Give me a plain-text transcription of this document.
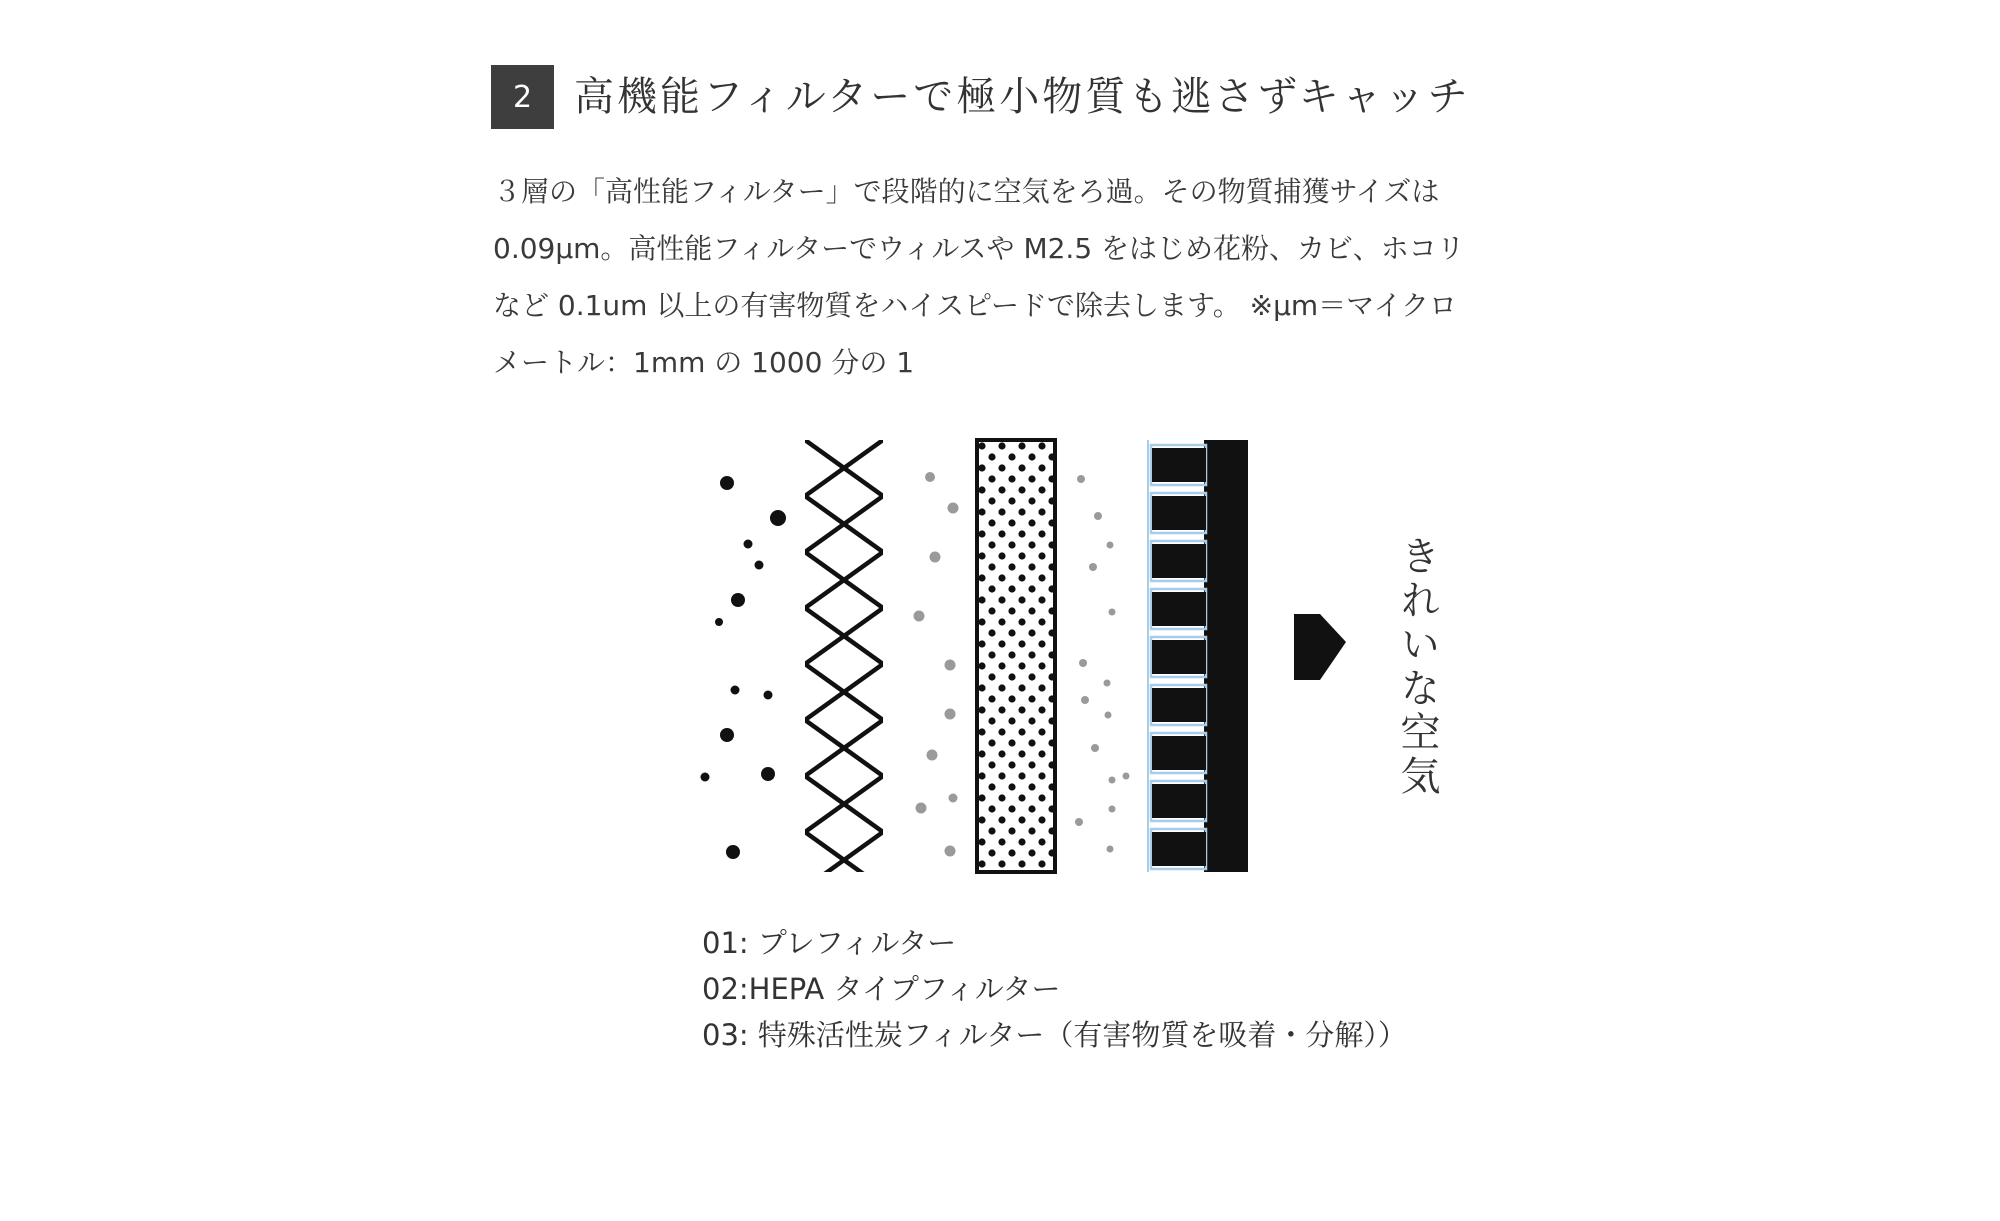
2	高機能フィルターで極小物質も逃さずキャッチ

３層の「高性能フィルター」で段階的に空気をろ過。その物質捕獲サイズは
0.09µm。高性能フィルターでウィルスや M2.5 をはじめ花粉、カビ、ホコリ
など 0.1um 以上の有害物質をハイスピードで除去します。 ※µm＝マイクロ
メートル：1mm の 1000 分の 1

きれいな空気
01: プレフィルター
02:HEPA タイプフィルター
03: 特殊活性炭フィルター（有害物質を吸着・分解））
